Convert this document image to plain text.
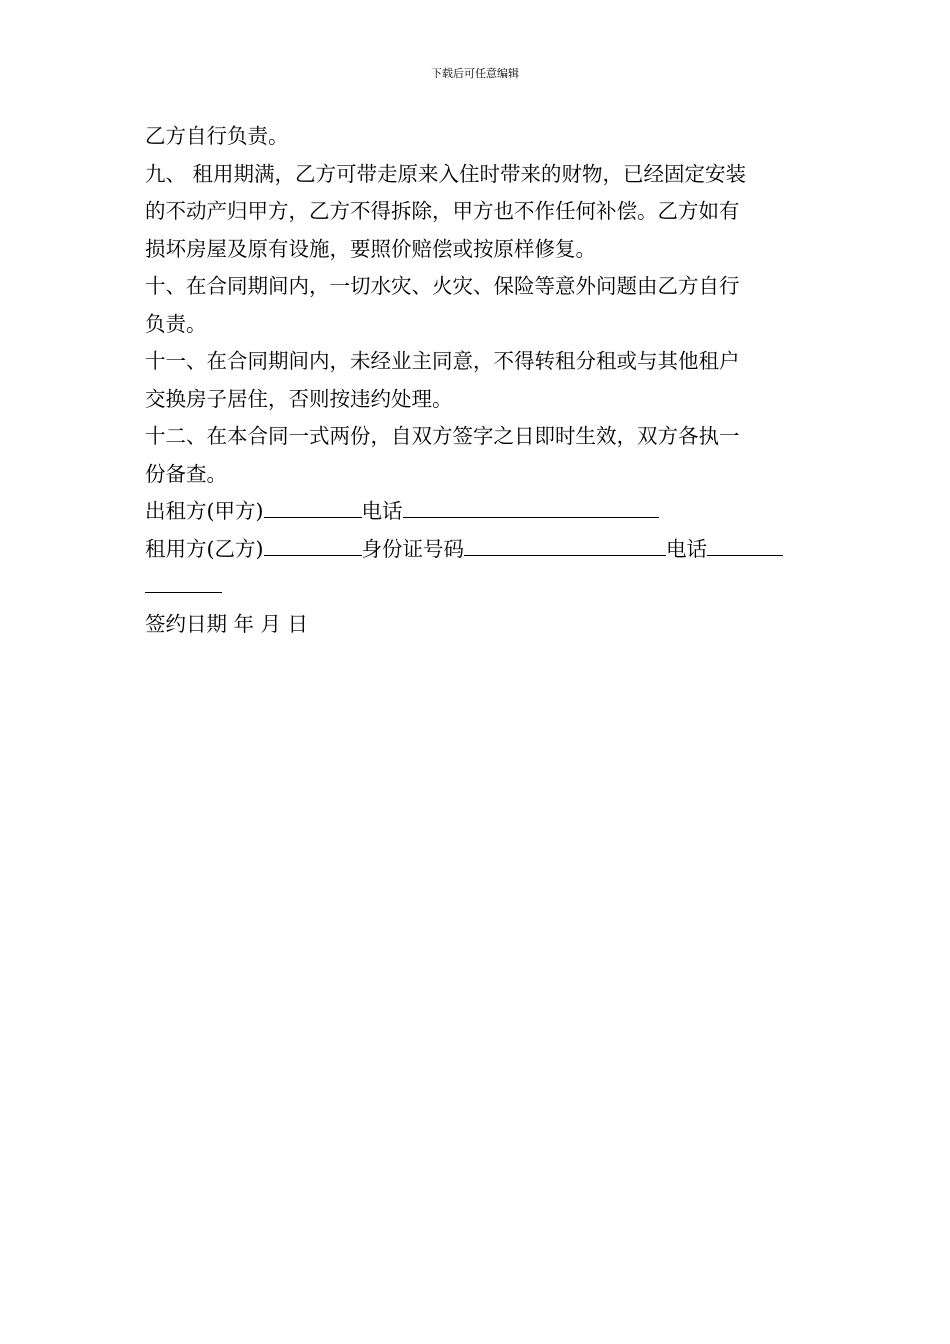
下载后可任意编辑
乙方自行负责。
九、 租用期满，乙方可带走原来入住时带来的财物，已经固定安装
的不动产归甲方，乙方不得拆除，甲方也不作任何补偿。乙方如有
损坏房屋及原有设施，要照价赔偿或按原样修复。
十、在合同期间内，一切水灾、火灾、保险等意外问题由乙方自行
负责。
十一、在合同期间内，未经业主同意，不得转租分租或与其他租户
交换房子居住，否则按违约处理。
十二、在本合同一式两份，自双方签字之日即时生效，双方各执一
份备查。
出租方(甲方)	电话
租用方(乙方)	身份证号码	电话
签约日期 年 月 日
